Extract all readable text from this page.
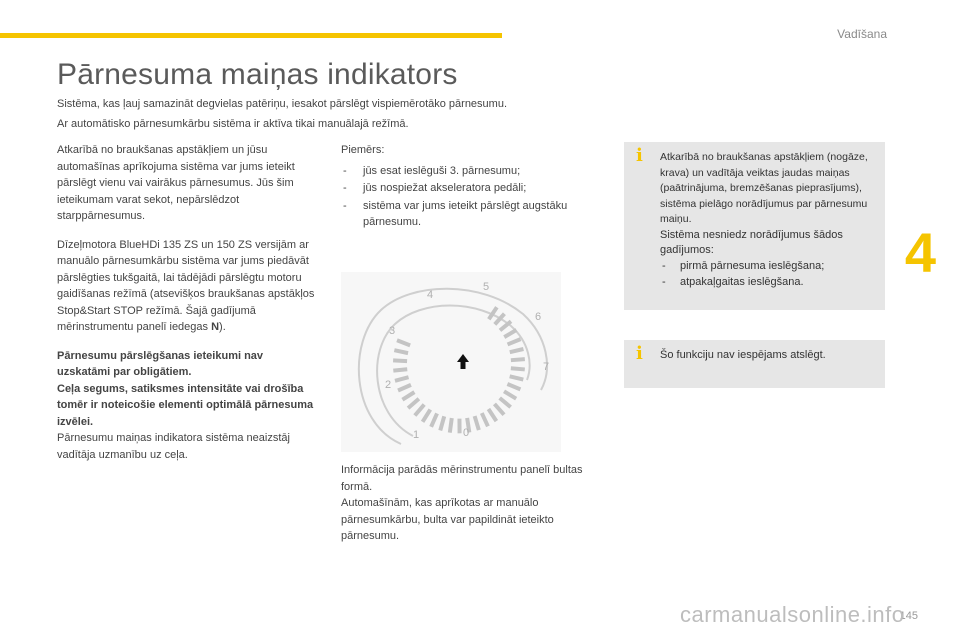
Vadīšana
4
Pārnesuma maiņas indikators
Sistēma, kas ļauj samazināt degvielas patēriņu, iesakot pārslēgt vispiemērotāko pārnesumu.
Ar automātisko pārnesumkārbu sistēma ir aktīva tikai manuālajā režīmā.

Atkarībā no braukšanas apstākļiem un jūsu automašīnas aprīkojuma sistēma var jums ieteikt pārslēgt vienu vai vairākus pārnesumus. Jūs šim ieteikumam varat sekot, nepārslēdzot starppārnesumus.

Dīzeļmotora BlueHDi 135 ZS un 150 ZS versijām ar manuālo pārnesumkārbu sistēma var jums piedāvāt pārslēgties tukšgaitā, lai tādējādi pārslēgtu motoru gaidīšanas režīmā (atsevišķos braukšanas apstākļos Stop&Start STOP režīmā. Šajā gadījumā mērinstrumentu panelī iedegas N).

Pārnesumu pārslēgšanas ieteikumi nav uzskatāmi par obligātiem.
Ceļa segums, satiksmes intensitāte vai drošība tomēr ir noteicošie elementi optimālā pārnesuma izvēlei.
Pārnesumu maiņas indikatora sistēma neaizstāj vadītāja uzmanību uz ceļa.
Piemērs:
- jūs esat ieslēguši 3. pārnesumu;
- jūs nospiežat akseleratora pedāli;
- sistēma var jums ieteikt pārslēgt augstāku pārnesumu.
0
1
2
3
4
5
6
7
Informācija parādās mērinstrumentu panelī bultas formā.
Automašīnām, kas aprīkotas ar manuālo pārnesumkārbu, bulta var papildināt ieteikto pārnesumu.
i	Atkarībā no braukšanas apstākļiem (nogāze, krava) un vadītāja veiktas jaudas maiņas (paātrinājuma, bremzēšanas pieprasījums), sistēma pielāgo norādījumus par pārnesumu maiņu.
Sistēma nesniedz norādījumus šādos gadījumos:
- pirmā pārnesuma ieslēgšana;
- atpakaļgaitas ieslēgšana.
i	Šo funkciju nav iespējams atslēgt.
145
carmanualsonline.info
